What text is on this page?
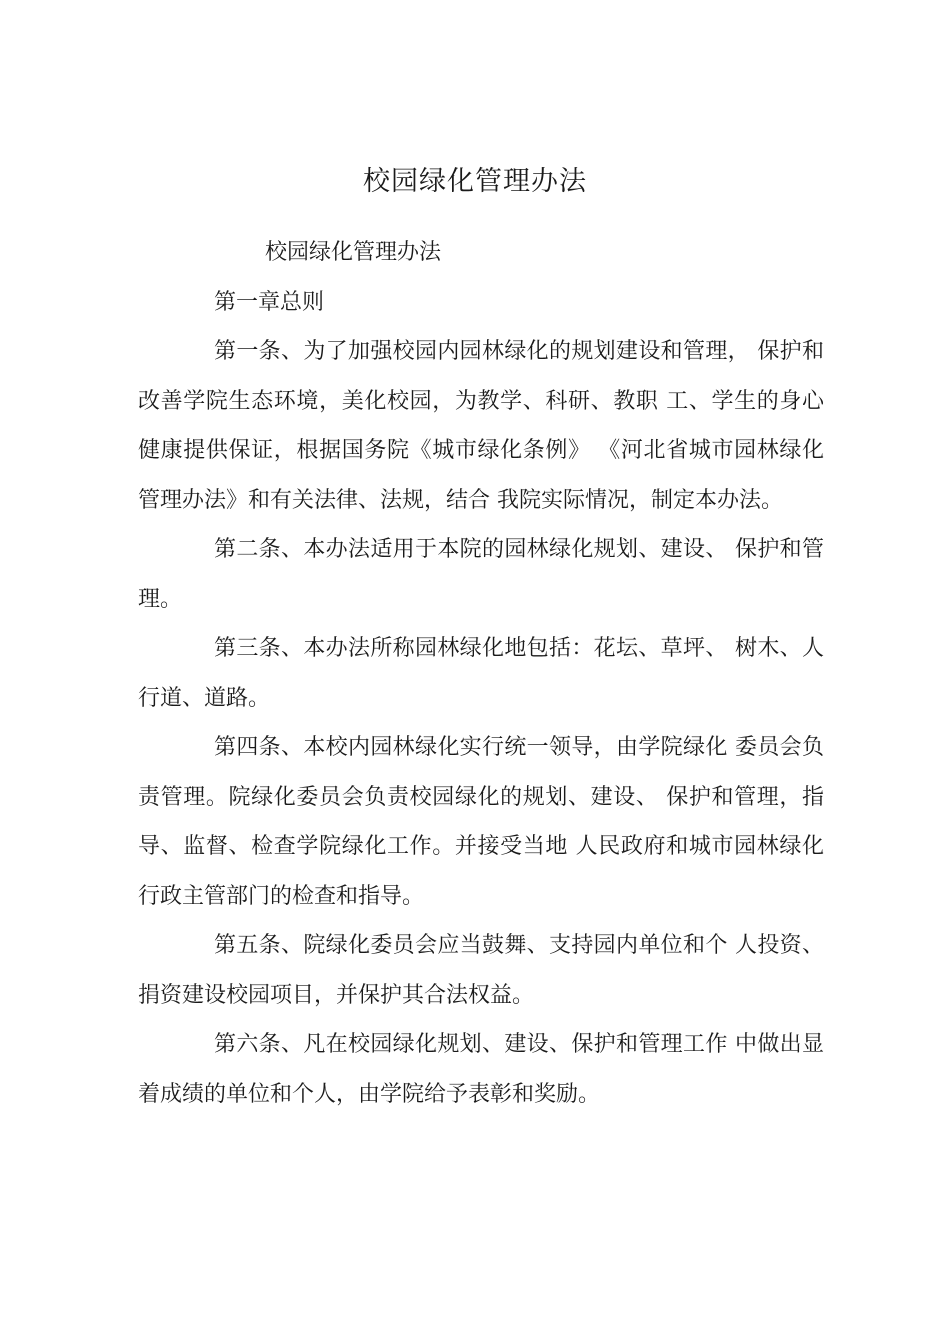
校园绿化管理办法

校园绿化管理办法

第一章总则

第一条、为了加强校园内园林绿化的规划建设和管理， 保护和改善学院生态环境，美化校园，为教学、科研、教职 工、学生的身心健康提供保证，根据国务院《城市绿化条例》 《河北省城市园林绿化管理办法》和有关法律、法规，结合 我院实际情况，制定本办法。

第二条、本办法适用于本院的园林绿化规划、建设、 保护和管理。

第三条、本办法所称园林绿化地包括：花坛、草坪、 树木、人行道、道路。

第四条、本校内园林绿化实行统一领导，由学院绿化 委员会负责管理。院绿化委员会负责校园绿化的规划、建设、 保护和管理，指导、监督、检查学院绿化工作。并接受当地 人民政府和城市园林绿化行政主管部门的检查和指导。

第五条、院绿化委员会应当鼓舞、支持园内单位和个 人投资、捐资建设校园项目，并保护其合法权益。

第六条、凡在校园绿化规划、建设、保护和管理工作 中做出显着成绩的单位和个人，由学院给予表彰和奖励。
